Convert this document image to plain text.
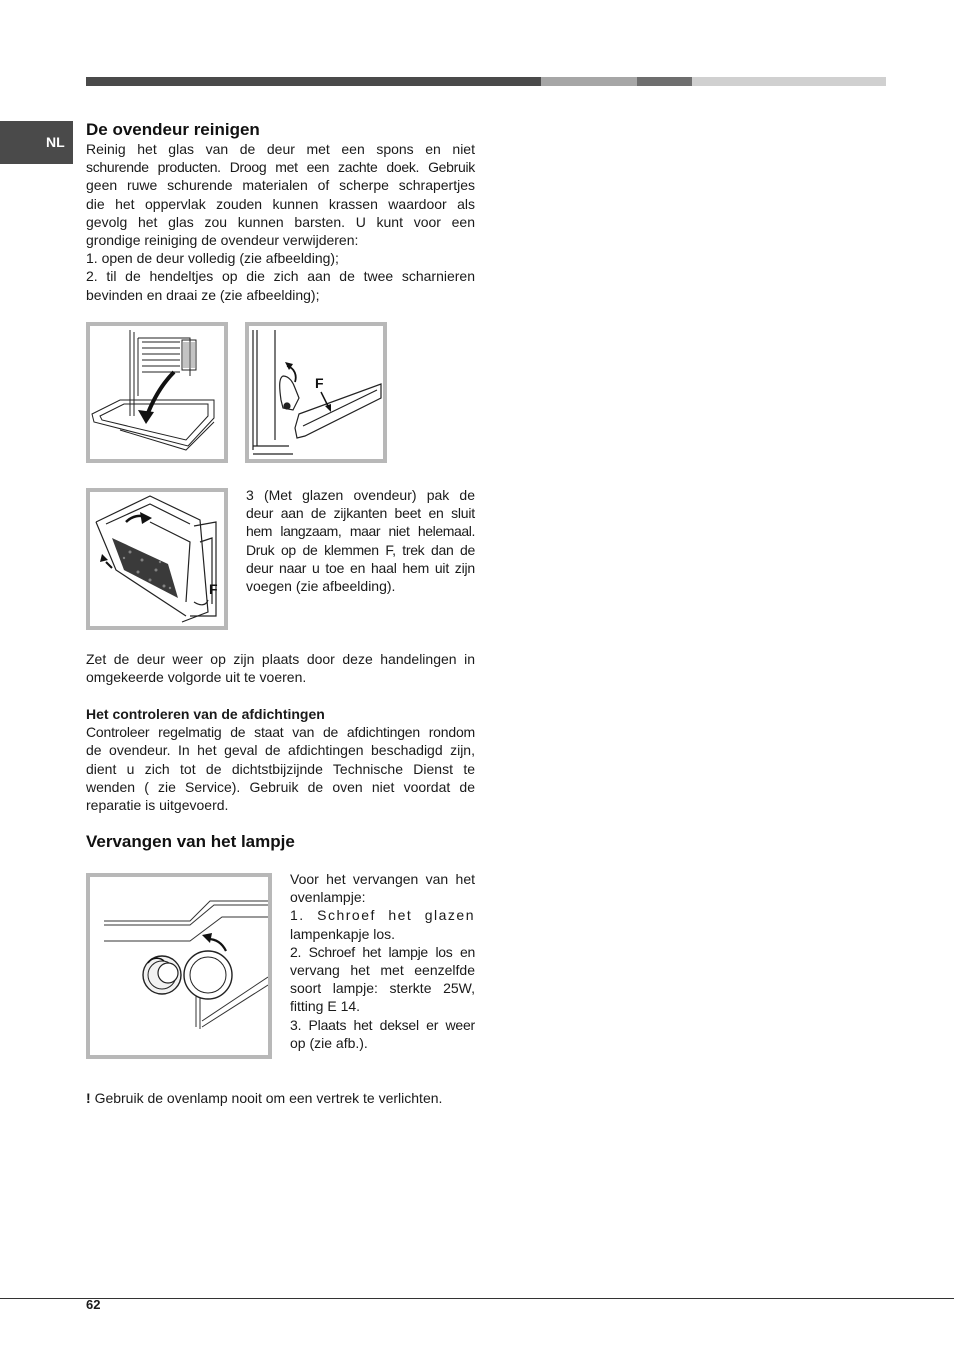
NL
De ovendeur reinigen
Reinig het glas van de deur met een spons en niet
schurende producten. Droog met een zachte doek. Gebruik
geen ruwe schurende materialen of scherpe schrapertjes
die het oppervlak zouden kunnen krassen waardoor als
gevolg het glas zou kunnen barsten. U kunt voor een
grondige reiniging de ovendeur verwijderen:
1. open de deur volledig (zie afbeelding);
2. til de hendeltjes op die zich aan de twee scharnieren
bevinden en draai ze (zie afbeelding);
F
F
3 (Met glazen ovendeur) pak de
deur aan de zijkanten beet en sluit
hem langzaam, maar niet helemaal.
Druk op de klemmen F, trek dan de
deur naar u toe en haal hem uit zijn
voegen (zie afbeelding).
Zet de deur weer op zijn plaats door deze handelingen in
omgekeerde volgorde uit te voeren.
Het controleren van de afdichtingen
Controleer regelmatig de staat van de afdichtingen rondom
de ovendeur. In het geval de afdichtingen beschadigd zijn,
dient u zich tot de dichtstbijzijnde Technische Dienst te
wenden ( zie Service). Gebruik de oven niet voordat de
reparatie is uitgevoerd.
Vervangen van het lampje
Voor het vervangen van het
ovenlampje:
1. Schroef het glazen
lampenkapje los.
2. Schroef het lampje los en
vervang het met eenzelfde
soort lampje: sterkte 25W,
fitting E 14.
3. Plaats het deksel er weer
op (zie afb.).
! Gebruik de ovenlamp nooit om een vertrek te verlichten.
62
